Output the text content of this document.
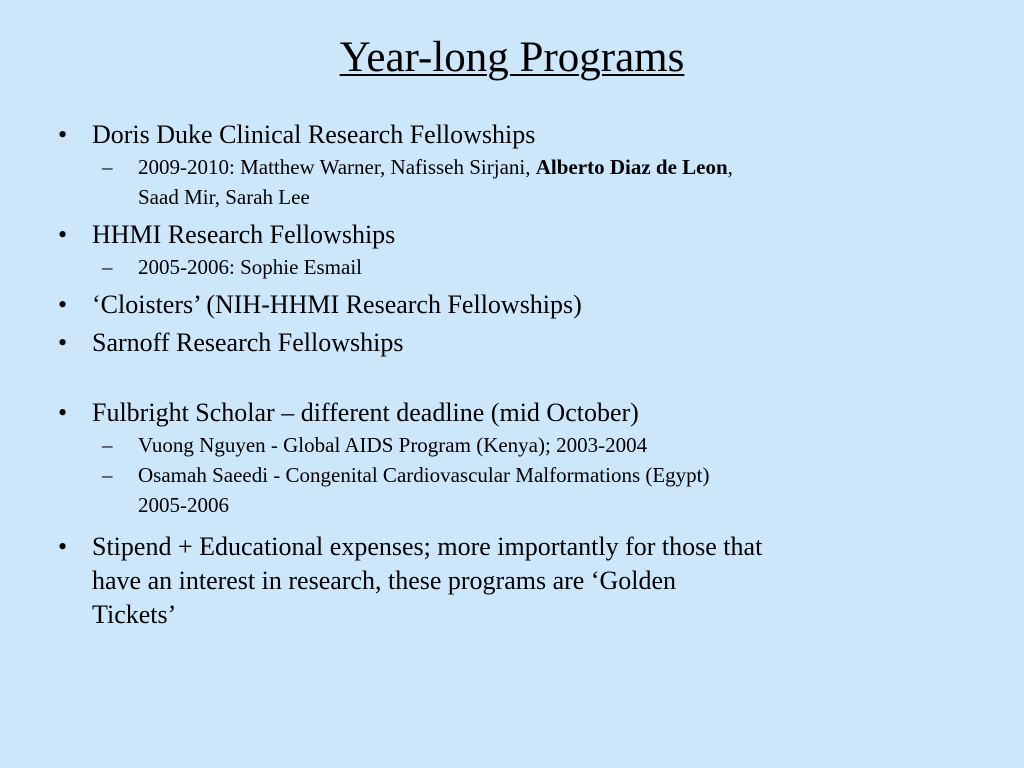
Year-long Programs
• Doris Duke Clinical Research Fellowships
– 2009-2010: Matthew Warner, Nafisseh Sirjani, Alberto Diaz de Leon,
Saad Mir, Sarah Lee
• HHMI Research Fellowships
– 2005-2006: Sophie Esmail
• ‘Cloisters’ (NIH-HHMI Research Fellowships)
• Sarnoff Research Fellowships
• Fulbright Scholar – different deadline (mid October)
– Vuong Nguyen - Global AIDS Program (Kenya); 2003-2004
– Osamah Saeedi - Congenital Cardiovascular Malformations (Egypt)
2005-2006
• Stipend + Educational expenses; more importantly for those that
have an interest in research, these programs are ‘Golden
Tickets’
